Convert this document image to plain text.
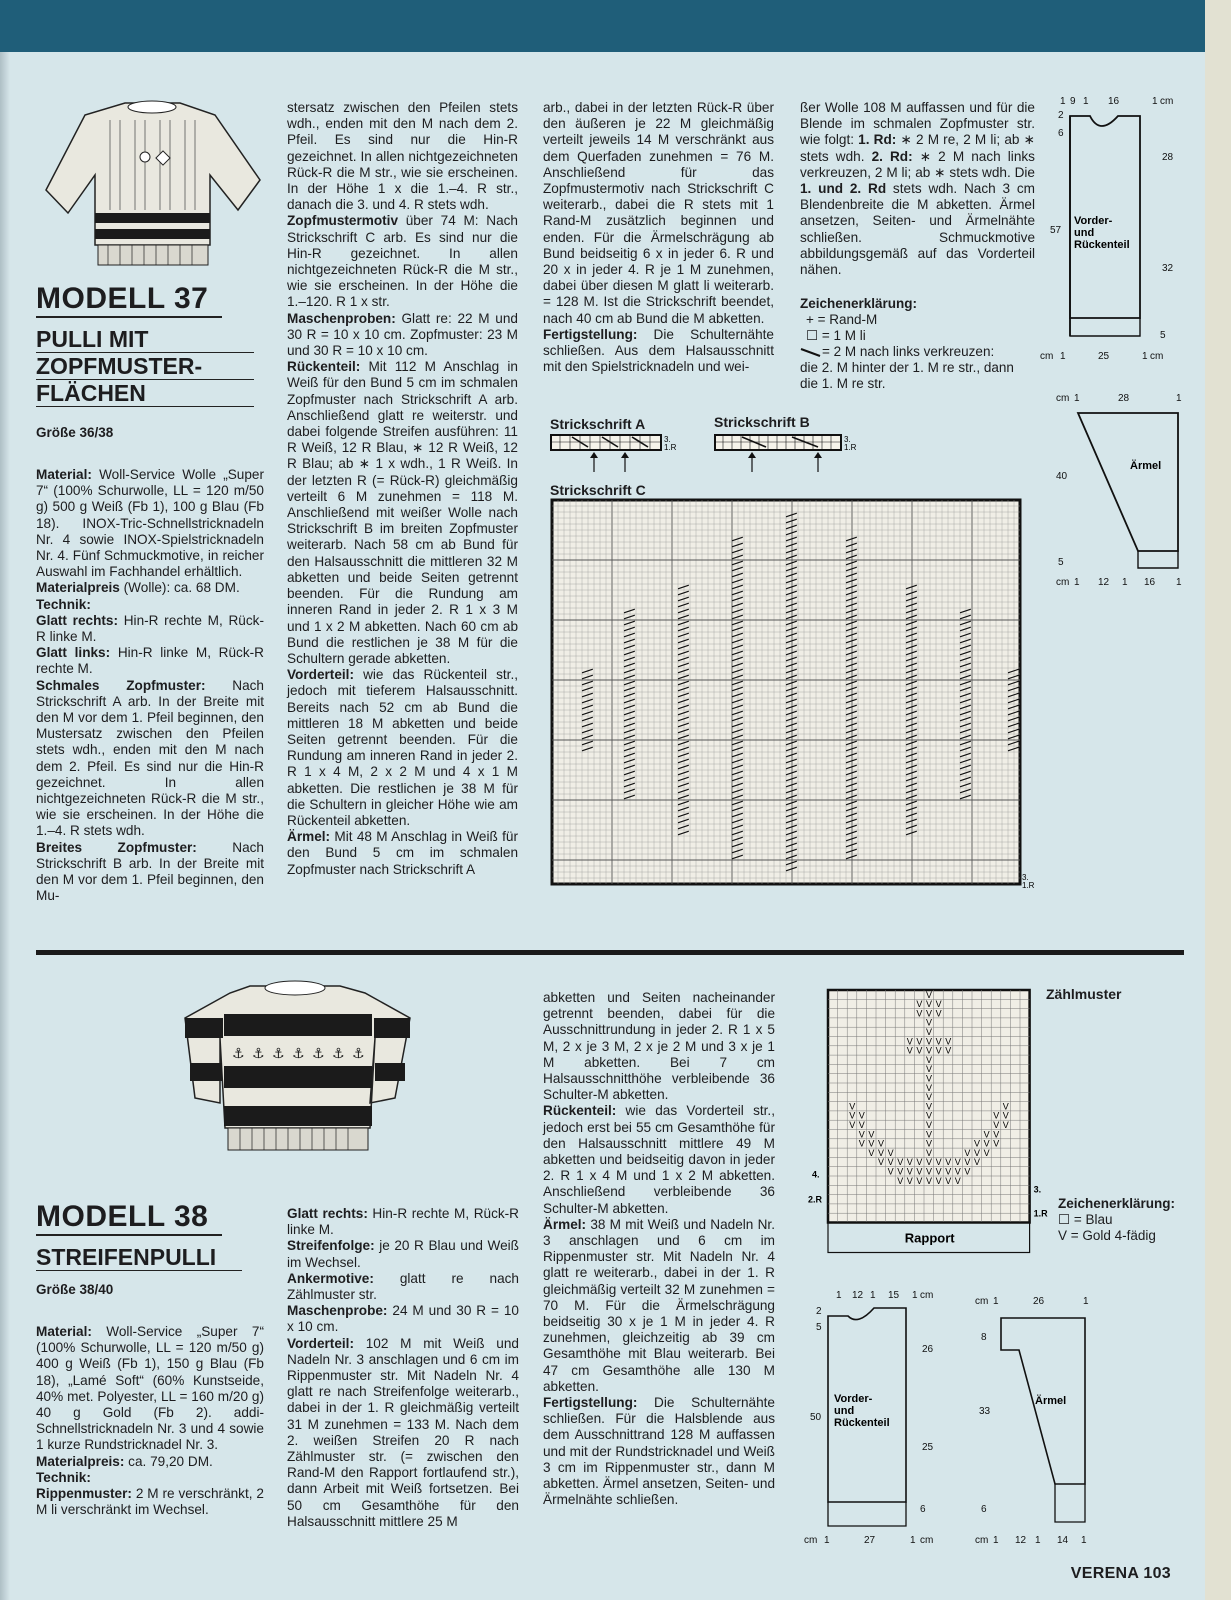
MODELL 37
PULLI MIT
ZOPFMUSTER-
FLÄCHEN
Größe 36/38
Material: Woll-Service Wolle „Super 7“ (100% Schurwolle, LL = 120 m/50 g) 500 g Weiß (Fb 1), 100 g Blau (Fb 18). INOX-Tric-Schnellstricknadeln Nr. 4 sowie INOX-Spielstricknadeln Nr. 4. Fünf Schmuckmotive, in reicher Auswahl im Fachhandel erhältlich.
Materialpreis (Wolle): ca. 68 DM.
Technik:
Glatt rechts: Hin-R rechte M, Rück-R linke M.
Glatt links: Hin-R linke M, Rück-R rechte M.
Schmales Zopfmuster: Nach Strickschrift A arb. In der Breite mit den M vor dem 1. Pfeil beginnen, den Mustersatz zwischen den Pfeilen stets wdh., enden mit den M nach dem 2. Pfeil. Es sind nur die Hin-R gezeichnet. In allen nichtgezeichneten Rück-R die M str., wie sie erscheinen. In der Höhe die 1.–4. R stets wdh.
Breites Zopfmuster: Nach Strickschrift B arb. In der Breite mit den M vor dem 1. Pfeil beginnen, den Mu-

stersatz zwischen den Pfeilen stets wdh., enden mit den M nach dem 2. Pfeil. Es sind nur die Hin-R gezeichnet. In allen nichtgezeichneten Rück-R die M str., wie sie erscheinen. In der Höhe 1 x die 1.–4. R str., danach die 3. und 4. R stets wdh.
Zopfmustermotiv über 74 M: Nach Strickschrift C arb. Es sind nur die Hin-R gezeichnet. In allen nichtgezeichneten Rück-R die M str., wie sie erscheinen. In der Höhe die 1.–120. R 1 x str.
Maschenproben: Glatt re: 22 M und 30 R = 10 x 10 cm. Zopfmuster: 23 M und 30 R = 10 x 10 cm.
Rückenteil: Mit 112 M Anschlag in Weiß für den Bund 5 cm im schmalen Zopfmuster nach Strickschrift A arb. Anschließend glatt re weiterstr. und dabei folgende Streifen ausführen: 11 R Weiß, 12 R Blau, ∗ 12 R Weiß, 12 R Blau; ab ∗ 1 x wdh., 1 R Weiß. In der letzten R (= Rück-R) gleichmäßig verteilt 6 M zunehmen = 118 M. Anschließend mit weißer Wolle nach Strickschrift B im breiten Zopfmuster weiterarb. Nach 58 cm ab Bund für den Halsausschnitt die mittleren 32 M abketten und beide Seiten getrennt beenden. Für die Rundung am inneren Rand in jeder 2. R 1 x 3 M und 1 x 2 M abketten. Nach 60 cm ab Bund die restlichen je 38 M für die Schultern gerade abketten.
Vorderteil: wie das Rückenteil str., jedoch mit tieferem Halsausschnitt. Bereits nach 52 cm ab Bund die mittleren 18 M abketten und beide Seiten getrennt beenden. Für die Rundung am inneren Rand in jeder 2. R 1 x 4 M, 2 x 2 M und 4 x 1 M abketten. Die restlichen je 38 M für die Schultern in gleicher Höhe wie am Rückenteil abketten.
Ärmel: Mit 48 M Anschlag in Weiß für den Bund 5 cm im schmalen Zopfmuster nach Strickschrift A

arb., dabei in der letzten Rück-R über den äußeren je 22 M gleichmäßig verteilt jeweils 14 M verschränkt aus dem Querfaden zunehmen = 76 M. Anschließend für das Zopfmustermotiv nach Strickschrift C weiterarb., dabei die R stets mit 1 Rand-M zusätzlich beginnen und enden. Für die Ärmelschrägung ab Bund beidseitig 6 x in jeder 6. R und 20 x in jeder 4. R je 1 M zunehmen, dabei über diesen M glatt li weiterarb. = 128 M. Ist die Strickschrift beendet, nach 40 cm ab Bund die M abketten.
Fertigstellung: Die Schulternähte schließen. Aus dem Halsausschnitt mit den Spielstricknadeln und wei-

ßer Wolle 108 M auffassen und für die Blende im schmalen Zopfmuster str. wie folgt: 1. Rd: ∗ 2 M re, 2 M li; ab ∗ stets wdh. 2. Rd: ∗ 2 M nach links verkreuzen, 2 M li; ab ∗ stets wdh. Die 1. und 2. Rd stets wdh. Nach 3 cm Blendenbreite die M abketten. Ärmel ansetzen, Seiten- und Ärmelnähte schließen. Schmuckmotive abbildungsgemäß auf das Vorderteil nähen.

Zeichenerklärung:

+ = Rand-M

☐ = 1 M li

= 2 M nach links verkreuzen:

die 2. M hinter der 1. M re str., dann

die 1. M re str.

Strickschrift A	Strickschrift B
3.
1.R
3.
1.R
Strickschrift C
3.
1.R
1 9 1 16	1 cm
2
6
57
5
28
32
cm 1	25	1 cm
Vorder-
und
Rückenteil
cm 1	28	1
40
5
cm 1 12 1 16 1
Ärmel
⚓ ⚓ ⚓ ⚓ ⚓ ⚓ ⚓
MODELL 38
STREIFENPULLI
Größe 38/40
Material: Woll-Service „Super 7“ (100% Schurwolle, LL = 120 m/50 g) 400 g Weiß (Fb 1), 150 g Blau (Fb 18), „Lamé Soft“ (60% Kunstseide, 40% met. Polyester, LL = 160 m/20 g) 40 g Gold (Fb 2). addi-Schnellstricknadeln Nr. 3 und 4 sowie 1 kurze Rundstricknadel Nr. 3.
Materialpreis: ca. 79,20 DM.
Technik:
Rippenmuster: 2 M re verschränkt, 2 M li verschränkt im Wechsel.

Glatt rechts: Hin-R rechte M, Rück-R linke M.
Streifenfolge: je 20 R Blau und Weiß im Wechsel.
Ankermotive: glatt re nach Zählmuster str.
Maschenprobe: 24 M und 30 R = 10 x 10 cm.
Vorderteil: 102 M mit Weiß und Nadeln Nr. 3 anschlagen und 6 cm im Rippenmuster str. Mit Nadeln Nr. 4 glatt re nach Streifenfolge weiterarb., dabei in der 1. R gleichmäßig verteilt 31 M zunehmen = 133 M. Nach dem 2. weißen Streifen 20 R nach Zählmuster str. (= zwischen den Rand-M den Rapport fortlaufend str.), dann Arbeit mit Weiß fortsetzen. Bei 50 cm Gesamthöhe für den Halsausschnitt mittlere 25 M

abketten und Seiten nacheinander getrennt beenden, dabei für die Ausschnittrundung in jeder 2. R 1 x 5 M, 2 x je 3 M, 2 x je 2 M und 3 x je 1 M abketten. Bei 7 cm Halsausschnitthöhe verbleibende 36 Schulter-M abketten.
Rückenteil: wie das Vorderteil str., jedoch erst bei 55 cm Gesamthöhe für den Halsausschnitt mittlere 49 M abketten und beidseitig davon in jeder 2. R 1 x 4 M und 1 x 2 M abketten. Anschließend verbleibende 36 Schulter-M abketten.
Ärmel: 38 M mit Weiß und Nadeln Nr. 3 anschlagen und 6 cm im Rippenmuster str. Mit Nadeln Nr. 4 glatt re weiterarb., dabei in der 1. R gleichmäßig verteilt 32 M zunehmen = 70 M. Für die Ärmelschrägung beidseitig 30 x je 1 M in jeder 4. R zunehmen, gleichzeitig ab 39 cm Gesamthöhe mit Blau weiterarb. Bei 47 cm Gesamthöhe alle 130 M abketten.
Fertigstellung: Die Schulternähte schließen. Für die Halsblende aus dem Ausschnittrand 128 M auffassen und mit der Rundstricknadel und Weiß 3 cm im Rippenmuster str., dann M abketten. Ärmel ansetzen, Seiten- und Ärmelnähte schließen.

Zählmuster
V
V V V
V V V
V
V
V V V V V
V V V V V
V
V
V
V
V
V	V	V
V V	V	V V
V V	V	V V
V V	V	V V
V V V	V	V V V
V V V	V	V V V
V V V V V V V V V V V
V V V V V V V V V
V V V V V V V
Rapport
4.
2.R
3.
1.R

Zeichenerklärung:

☐ = Blau

V = Gold 4-fädig

1 12 1 15 1 cm
2
5
50
6
26
25
cm 1	27	1 cm
Vorder-
und
Rückenteil
cm 1	26	1
8
33
6
cm 1 12 1 14 1
Ärmel
VERENA 103
